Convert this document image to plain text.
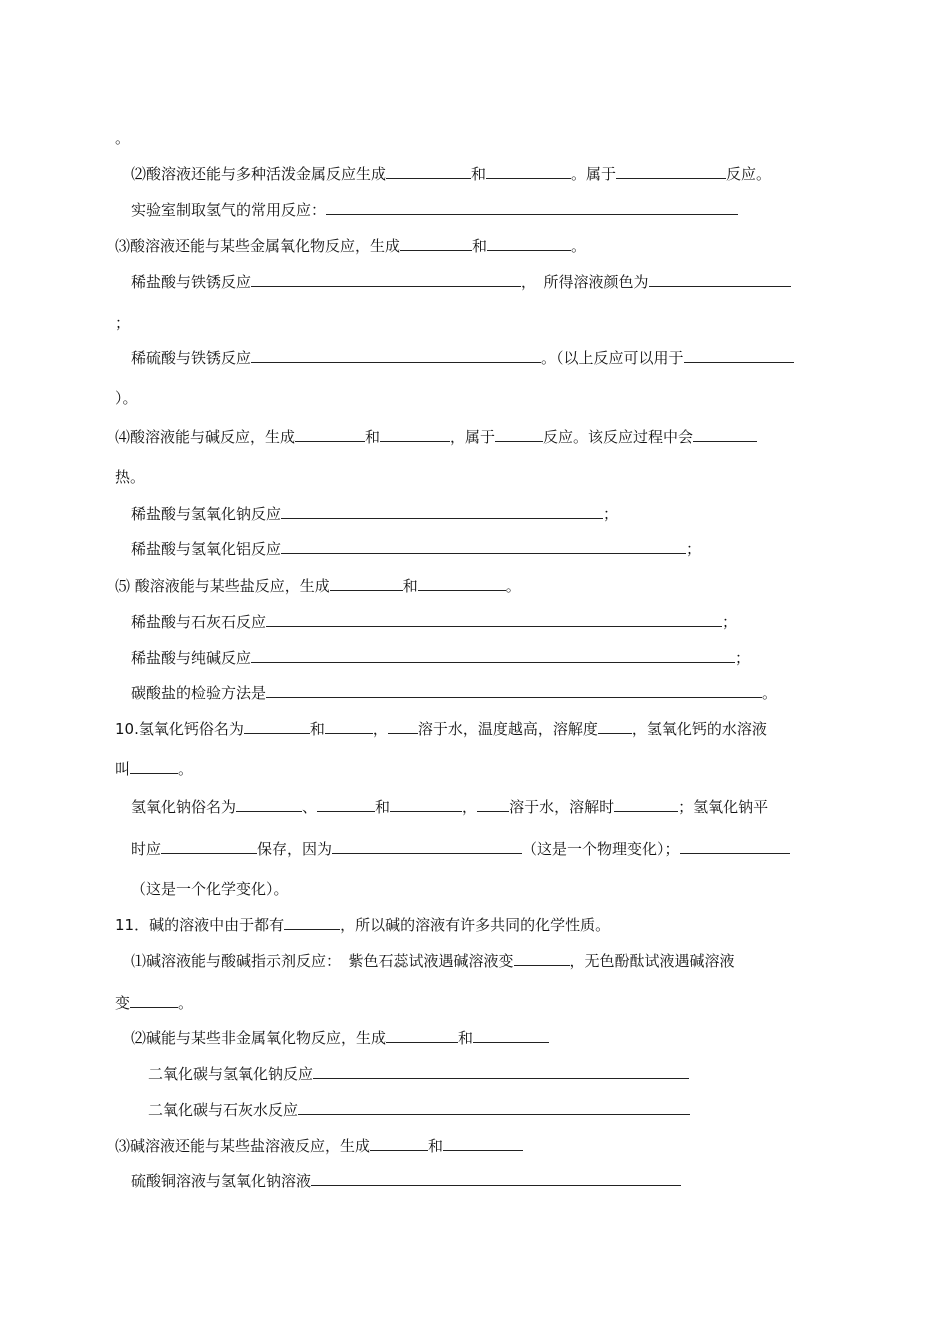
。
⑵酸溶液还能与多种活泼金属反应生成	和	。属于	反应。
实验室制取氢气的常用反应：
⑶酸溶液还能与某些金属氧化物反应，生成	和	。
稀盐酸与铁锈反应	，　所得溶液颜色为
；
稀硫酸与铁锈反应	。（以上反应可以用于
）。
⑷酸溶液能与碱反应，生成	和	，属于	反应。该反应过程中会
热。
稀盐酸与氢氧化钠反应	；
稀盐酸与氢氧化铝反应	；
⑸ 酸溶液能与某些盐反应，生成	和	。
稀盐酸与石灰石反应	；
稀盐酸与纯碱反应	；
碳酸盐的检验方法是	。
10.氢氧化钙俗名为	和	， 溶于水，温度越高，溶解度 ，氢氧化钙的水溶液
叫	。
氢氧化钠俗名为	、	和	， 溶于水，溶解时	；氢氧化钠平
时应	保存，因为	（这是一个物理变化）；
（这是一个化学变化）。
11．碱的溶液中由于都有	，所以碱的溶液有许多共同的化学性质。
⑴碱溶液能与酸碱指示剂反应：　紫色石蕊试液遇碱溶液变	，无色酚酞试液遇碱溶液
变	。
⑵碱能与某些非金属氧化物反应，生成	和
二氧化碳与氢氧化钠反应
二氧化碳与石灰水反应
⑶碱溶液还能与某些盐溶液反应，生成	和
硫酸铜溶液与氢氧化钠溶液
